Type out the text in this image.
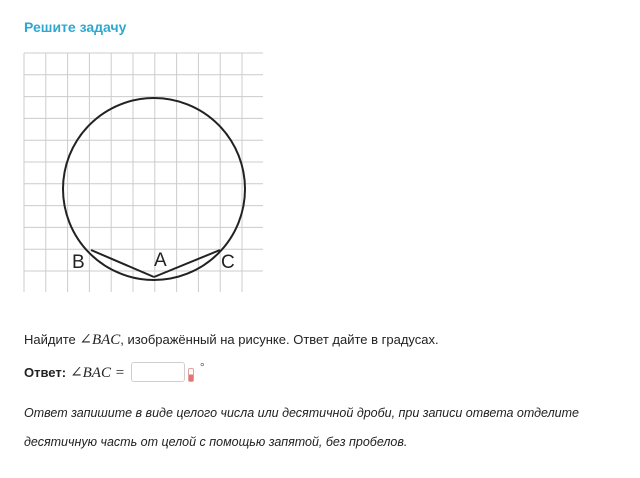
Решите задачу
B	A	C
Найдите ∠BAC, изображённый на рисунке. Ответ дайте в градусах.
Ответ: ∠BAC =	°

Ответ запишите в виде целого числа или десятичной дроби, при записи ответа отделите десятичную часть от целой с помощью запятой, без пробелов.
